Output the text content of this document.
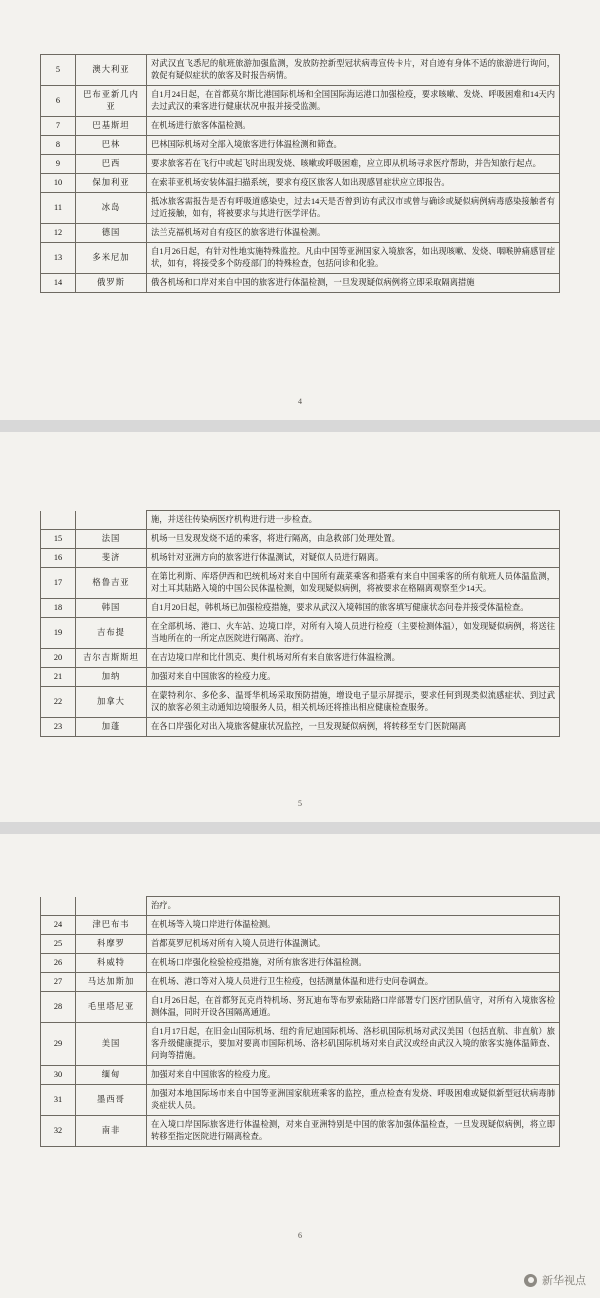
5	澳大利亚	对武汉直飞悉尼的航班旅游加强监测，发放防控新型冠状病毒宣传卡片，对自迹有身体不适的旅游进行询问，敦促有疑似症状的旅客及时报告病情。
6	巴布亚新几内亚	自1月24日起，在首都莫尔斯比港国际机场和全国国际海运港口加强检疫，要求咳嗽、发烧、呼吸困难和14天内去过武汉的乘客进行健康状况申报并接受监测。
7	巴基斯坦	在机场进行旅客体温检测。
8	巴林	巴林国际机场对全部入境旅客进行体温检测和筛查。
9	巴西	要求旅客若在飞行中或起飞时出现发烧、咳嗽或呼吸困难，应立即从机场寻求医疗帮助，并告知旅行起点。
10	保加利亚	在索菲亚机场安装体温扫描系统，要求有疫区旅客人如出现感冒症状应立即报告。
11	冰岛	抵冰旅客需报告是否有呼吸道感染史，过去14天是否曾到访有武汉市或曾与确诊或疑似病例病毒感染接触者有过近接触，如有，将被要求与其进行医学评估。
12	德国	法兰克福机场对自有疫区的旅客进行体温检测。
13	多米尼加	自1月26日起，有针对性地实施特殊监控。凡由中国等亚洲国家入境旅客，如出现咳嗽、发烧、咽喉肿痛感冒症状，如有，将接受多个防疫部门的特殊检查，包括问诊和化验。
14	俄罗斯	俄各机场和口岸对来自中国的旅客进行体温检测，一旦发现疑似病例将立即采取隔离措施
4
		施，并送往传染病医疗机构进行进一步检查。
15	法国	机场一旦发现发烧不适的乘客，将进行隔离，由急救部门处理处置。
16	斐济	机场针对亚洲方向的旅客进行体温测试，对疑似人员进行隔离。
17	格鲁吉亚	在第比利斯、库塔伊西和巴统机场对来自中国所有蔬菜乘客和搭乘有来自中国乘客的所有航班人员体温监测，对土耳其陆路入境的中国公民体温检测，如发现疑似病例，将被要求在格隔离观察至少14天。
18	韩国	自1月20日起，韩机场已加强检疫措施，要求从武汉入境韩国的旅客填写健康状态问卷并接受体温检查。
19	吉布提	在全部机场、港口、火车站、边境口岸，对所有入境人员进行检疫（主要检测体温），如发现疑似病例，将送往当地所在的一所定点医院进行隔离、治疗。
20	吉尔吉斯斯坦	在吉边境口岸和比什凯克、奥什机场对所有来自旅客进行体温检测。
21	加纳	加强对来自中国旅客的检疫力度。
22	加拿大	在蒙特利尔、多伦多、温哥华机场采取预防措施，增设电子显示屏提示，要求任何到现类似流感症状、到过武汉的旅客必须主动通知边境服务人员，相关机场还将推出相应健康检查服务。
23	加蓬	在各口岸强化对出入境旅客健康状况监控，一旦发现疑似病例，将转移至专门医院隔离
5
		治疗。
24	津巴布韦	在机场等入境口岸进行体温检测。
25	科摩罗	首都莫罗尼机场对所有入境人员进行体温测试。
26	科威特	在机场口岸强化检验检疫措施，对所有旅客进行体温检测。
27	马达加斯加	在机场、港口等对入境人员进行卫生检疫，包括测量体温和进行史问卷调查。
28	毛里塔尼亚	自1月26日起，在首都努瓦克肖特机场、努瓦迪布等布罗索陆路口岸部署专门医疗团队值守，对所有入境旅客检测体温，同时开设各国隔离通道。
29	美国	自1月17日起，在旧金山国际机场、纽约肯尼迪国际机场、洛杉矶国际机场对武汉美国（包括直航、非直航）旅客升级健康提示，要加对要离市国际机场、洛杉矶国际机场对来自武汉或经由武汉入境的旅客实施体温筛查、问询等措施。
30	缅甸	加强对来自中国旅客的检疫力度。
31	墨西哥	加强对本地国际场市来自中国等亚洲国家航班乘客的监控，重点检查有发烧、呼吸困难或疑似新型冠状病毒肺炎症状人员。
32	南非	在入境口岸国际旅客进行体温检测，对来自亚洲特别是中国的旅客加强体温检查，一旦发现疑似病例，将立即转移至指定医院进行隔离检查。
6
新华视点
